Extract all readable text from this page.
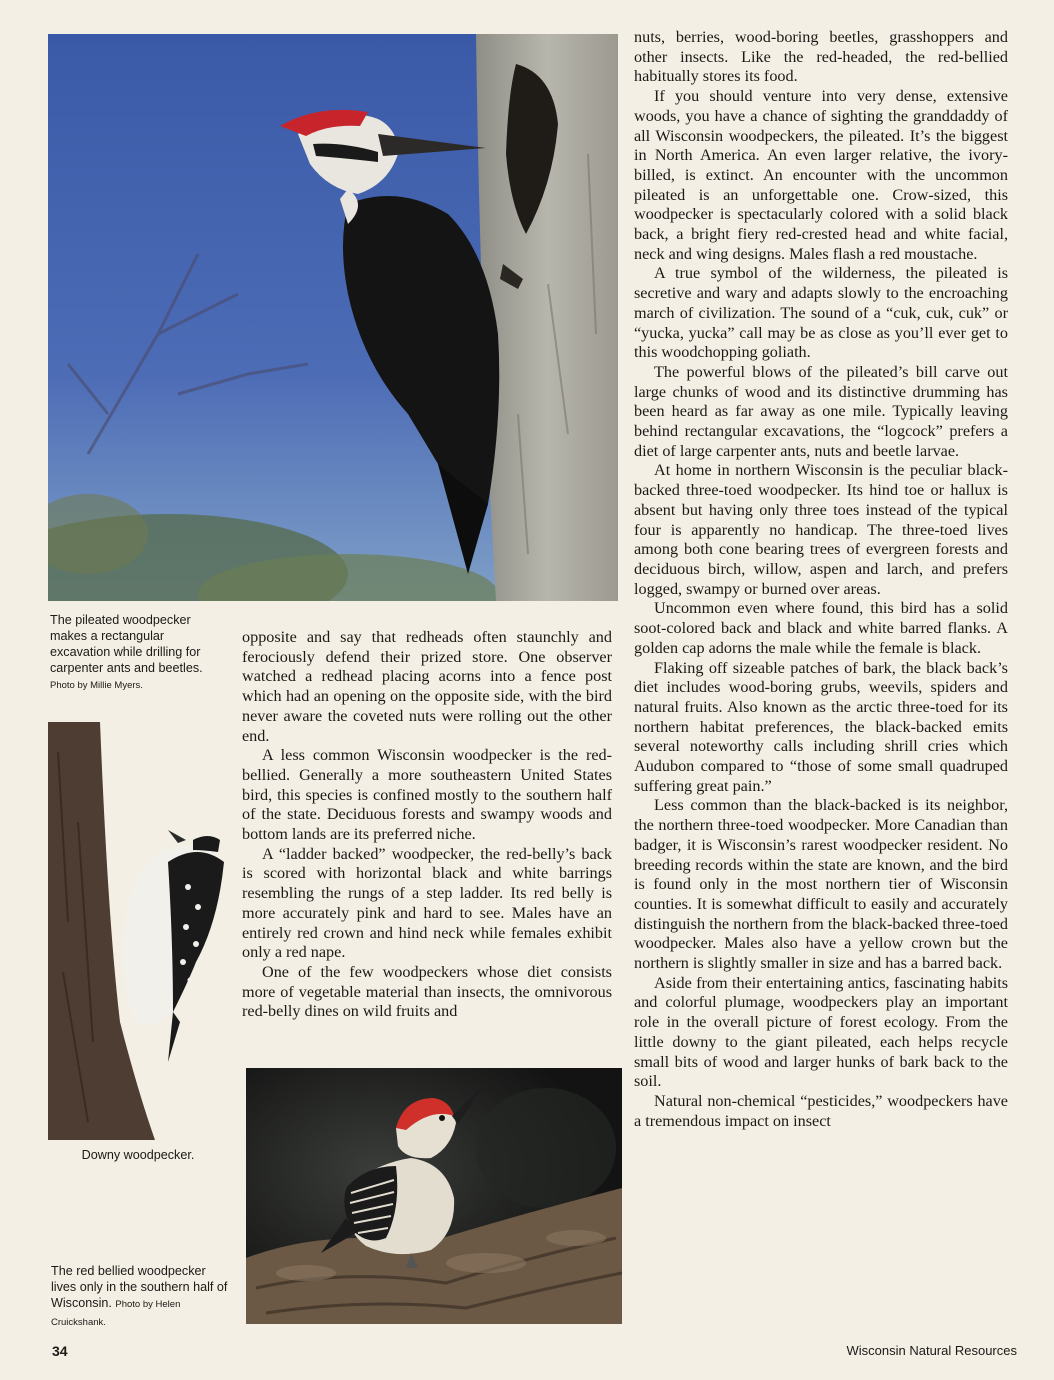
The pileated woodpecker makes a rectangular excavation while drilling for carpenter ants and beetles. Photo by Millie Myers.
Downy woodpecker.
The red bellied woodpecker lives only in the southern half of Wisconsin. Photo by Helen Cruickshank.

opposite and say that redheads often staunchly and ferociously defend their prized store. One observer watched a redhead placing acorns into a fence post which had an opening on the opposite side, with the bird never aware the coveted nuts were rolling out the other end.

A less common Wisconsin woodpecker is the red-bellied. Generally a more southeastern United States bird, this species is confined mostly to the southern half of the state. Deciduous forests and swampy woods and bottom lands are its preferred niche.

A “ladder backed” woodpecker, the red-belly’s back is scored with horizontal black and white barrings resembling the rungs of a step ladder. Its red belly is more accurately pink and hard to see. Males have an entirely red crown and hind neck while females exhibit only a red nape.

One of the few woodpeckers whose diet consists more of vegetable material than insects, the omnivorous red-belly dines on wild fruits and

nuts, berries, wood-boring beetles, grasshoppers and other insects. Like the red-headed, the red-bellied habitually stores its food.

If you should venture into very dense, extensive woods, you have a chance of sighting the granddaddy of all Wisconsin woodpeckers, the pileated. It’s the biggest in North America. An even larger relative, the ivory-billed, is extinct. An encounter with the uncommon pileated is an unforgettable one. Crow-sized, this woodpecker is spectacularly colored with a solid black back, a bright fiery red-crested head and white facial, neck and wing designs. Males flash a red moustache.

A true symbol of the wilderness, the pileated is secretive and wary and adapts slowly to the encroaching march of civilization. The sound of a “cuk, cuk, cuk” or “yucka, yucka” call may be as close as you’ll ever get to this woodchopping goliath.

The powerful blows of the pileated’s bill carve out large chunks of wood and its distinctive drumming has been heard as far away as one mile. Typically leaving behind rectangular excavations, the “logcock” prefers a diet of large carpenter ants, nuts and beetle larvae.

At home in northern Wisconsin is the peculiar black-backed three-toed woodpecker. Its hind toe or hallux is absent but having only three toes instead of the typical four is apparently no handicap. The three-toed lives among both cone bearing trees of evergreen forests and deciduous birch, willow, aspen and larch, and prefers logged, swampy or burned over areas.

Uncommon even where found, this bird has a solid soot-colored back and black and white barred flanks. A golden cap adorns the male while the female is black.

Flaking off sizeable patches of bark, the black back’s diet includes wood-boring grubs, weevils, spiders and natural fruits. Also known as the arctic three-toed for its northern habitat preferences, the black-backed emits several noteworthy calls including shrill cries which Audubon compared to “those of some small quadruped suffering great pain.”

Less common than the black-backed is its neighbor, the northern three-toed woodpecker. More Canadian than badger, it is Wisconsin’s rarest woodpecker resident. No breeding records within the state are known, and the bird is found only in the most northern tier of Wisconsin counties. It is somewhat difficult to easily and accurately distinguish the northern from the black-backed three-toed woodpecker. Males also have a yellow crown but the northern is slightly smaller in size and has a barred back.

Aside from their entertaining antics, fascinating habits and colorful plumage, woodpeckers play an important role in the overall picture of forest ecology. From the little downy to the giant pileated, each helps recycle small bits of wood and larger hunks of bark back to the soil.

Natural non-chemical “pesticides,” woodpeckers have a tremendous impact on insect

34	Wisconsin Natural Resources
